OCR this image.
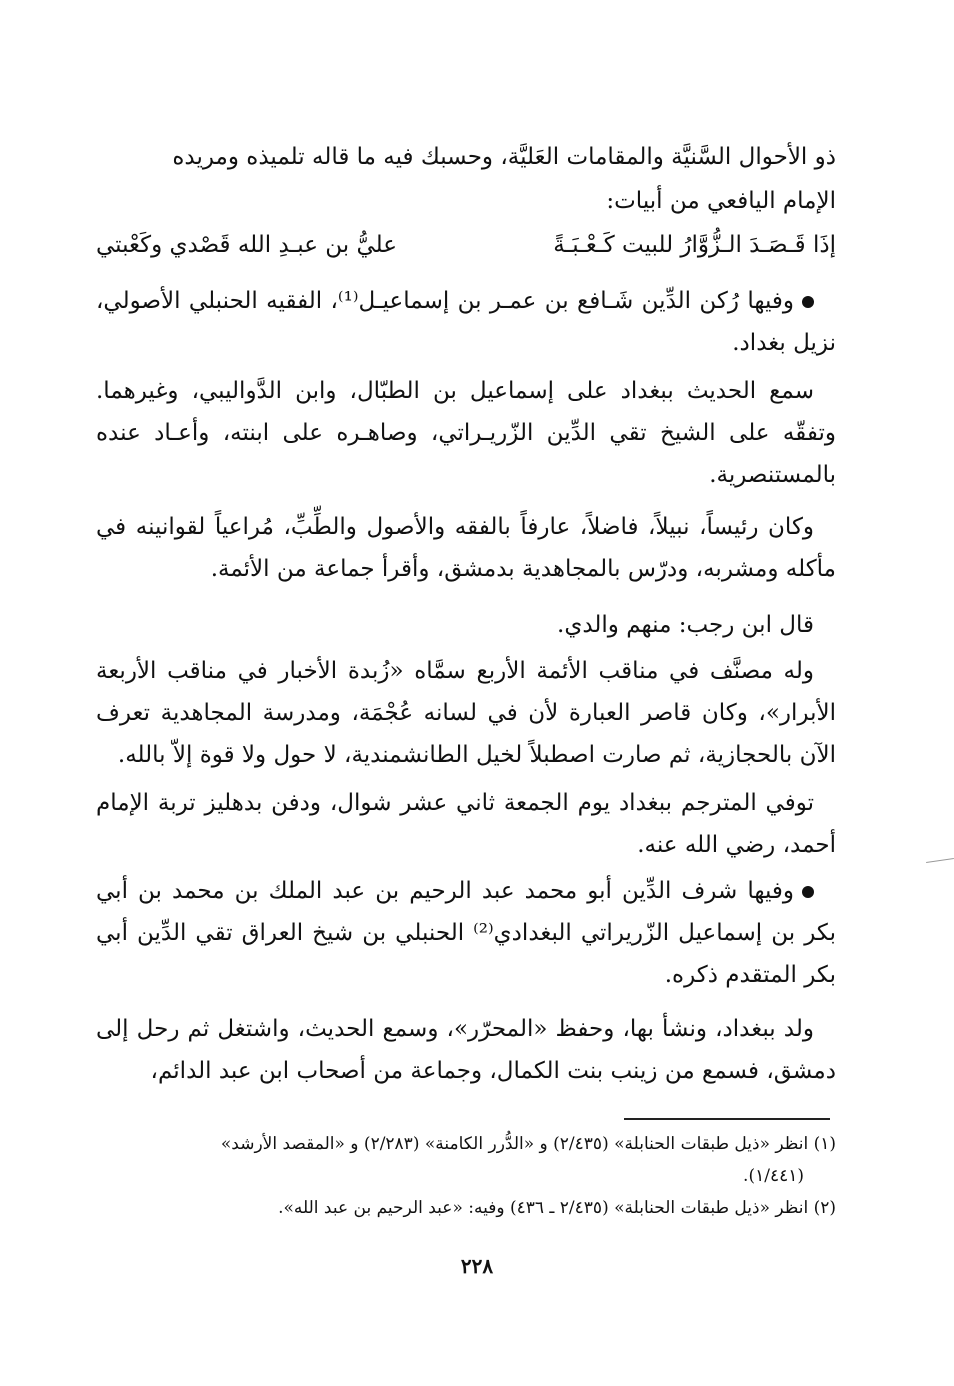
ذو الأحوال السَّنيَّة والمقامات العَليَّة، وحسبك فيه ما قاله تلميذه ومريده
الإمام اليافعي من أبيات:
إذَا قَـصَـدَ الـزُّوَّارُ للبيت كَـعْـبَـةً
عليُّ بن عبـدِ الله قَصْدي وكَعْبتي

وفيها رُكن الدِّين شَـافع بن عمـر بن إسماعيـل⁽¹⁾، الفقيه الحنبلي الأصولي، نزيل بغداد.

سمع الحديث ببغداد على إسماعيل بن الطبّال، وابن الدَّواليبي، وغيرهما. وتفقّه على الشيخ تقي الدِّين الزّريـراتي، وصاهـره على ابنته، وأعـاد عنده بالمستنصرية.

وكان رئيساً، نبيلاً، فاضلاً، عارفاً بالفقه والأصول والطِّبِّ، مُراعياً لقوانينه في مأكله ومشربه، ودرّس بالمجاهدية بدمشق، وأقرأ جماعة من الأئمة.

قال ابن رجب: منهم والدي.

وله مصنَّف في مناقب الأئمة الأربع سمَّاه «زُبدة الأخبار في مناقب الأربعة الأبرار»، وكان قاصر العبارة لأن في لسانه عُجْمَة، ومدرسة المجاهدية تعرف الآن بالحجازية، ثم صارت اصطبلاً لخيل الطانشمندية، لا حول ولا قوة إلاّ بالله.

توفي المترجم ببغداد يوم الجمعة ثاني عشر شوال، ودفن بدهليز تربة الإمام أحمد، رضي الله عنه.

وفيها شرف الدِّين أبو محمد عبد الرحيم بن عبد الملك بن محمد بن أبي بكر بن إسماعيل الزّريراتي البغدادي⁽²⁾ الحنبلي بن شيخ العراق تقي الدِّين أبي بكر المتقدم ذكره.

ولد ببغداد، ونشأ بها، وحفظ «المحرّر»، وسمع الحديث، واشتغل ثم رحل إلى دمشق، فسمع من زينب بنت الكمال، وجماعة من أصحاب ابن عبد الدائم،

(١) انظر «ذيل طبقات الحنابلة» (٢/٤٣٥) و «الدُّرر الكامنة» (٢/٢٨٣) و «المقصد الأرشد»
(١/٤٤١).
(٢) انظر «ذيل طبقات الحنابلة» (٢/٤٣٥ ـ ٤٣٦) وفيه: «عبد الرحيم بن عبد الله».
٢٢٨
